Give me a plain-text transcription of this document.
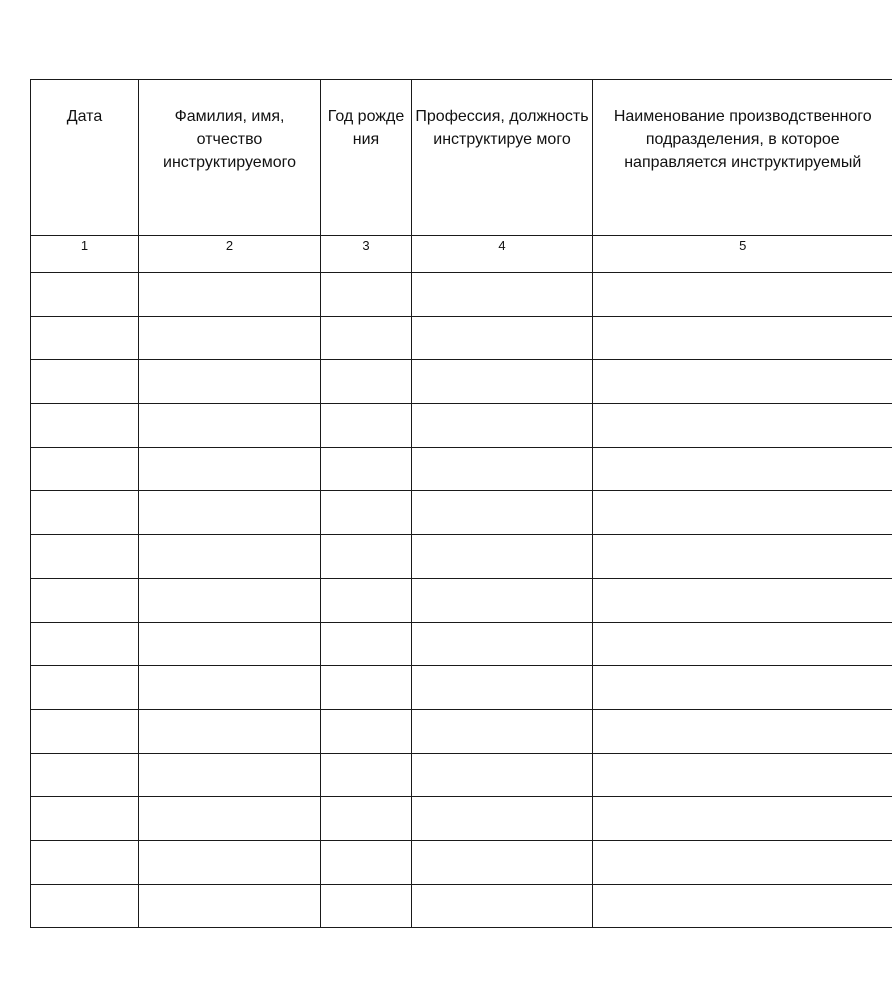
Дата	Фамилия, имя, отчество инструктируемого	Год рожде ния	Профессия, должность инструктируе мого	Наименование производственного подразделения, в которое направляется инструктируемый
1	2	3	4	5
